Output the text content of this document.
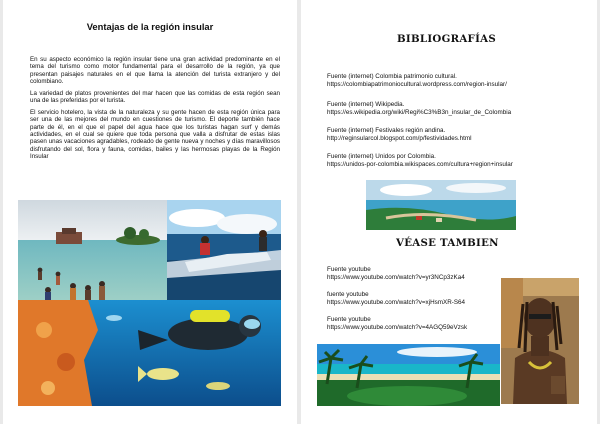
Ventajas de la región insular

En su aspecto económico la región insular tiene una gran actividad predominante en el tema del turismo como motor fundamental para el desarrollo de la región, ya que presentan paisajes naturales en el que llama la atención del turista extranjero y del colombiano.

La variedad de platos provenientes del mar hacen que las comidas de esta región sean una de las preferidas por el turista.

El servicio hotelero, la vista de la naturaleza y su gente hacen de esta región única para ser una de las mejores del mundo en cuestiones de turismo. El deporte también hace parte de él, en el que el papel del agua hace que los turistas hagan surf y demás actividades, en el cual se quiere que toda persona que valla a disfrutar de estas islas pasen unas vacaciones agradables, rodeado de gente nueva y noches y días maravillosos disfrutando del sol, flora y fauna, comidas, bailes y las hermosas playas de la Región Insular

BIBLIOGRAFÍAS
Fuente (internet) Colombia patrimonio cultural.
https://colombiapatrimoniocultural.wordpress.com/region-insular/
Fuente (internet) Wikipedia.
https://es.wikipedia.org/wiki/Regi%C3%B3n_insular_de_Colombia
Fuente (internet) Festivales región andina.
http://reginsularcol.blogspot.com/p/festividades.html
Fuente (internet) Unidos por Colombia.
https://unidos-por-colombia.wikispaces.com/cultura+region+insular
VÉASE TAMBIEN
Fuente youtube
https://www.youtube.com/watch?v=yr3NCp3zKa4
fuente youtube
https://www.youtube.com/watch?v=xjHsmXR-S64
Fuente youtube
https://www.youtube.com/watch?v=4AGQ59eVzsk
